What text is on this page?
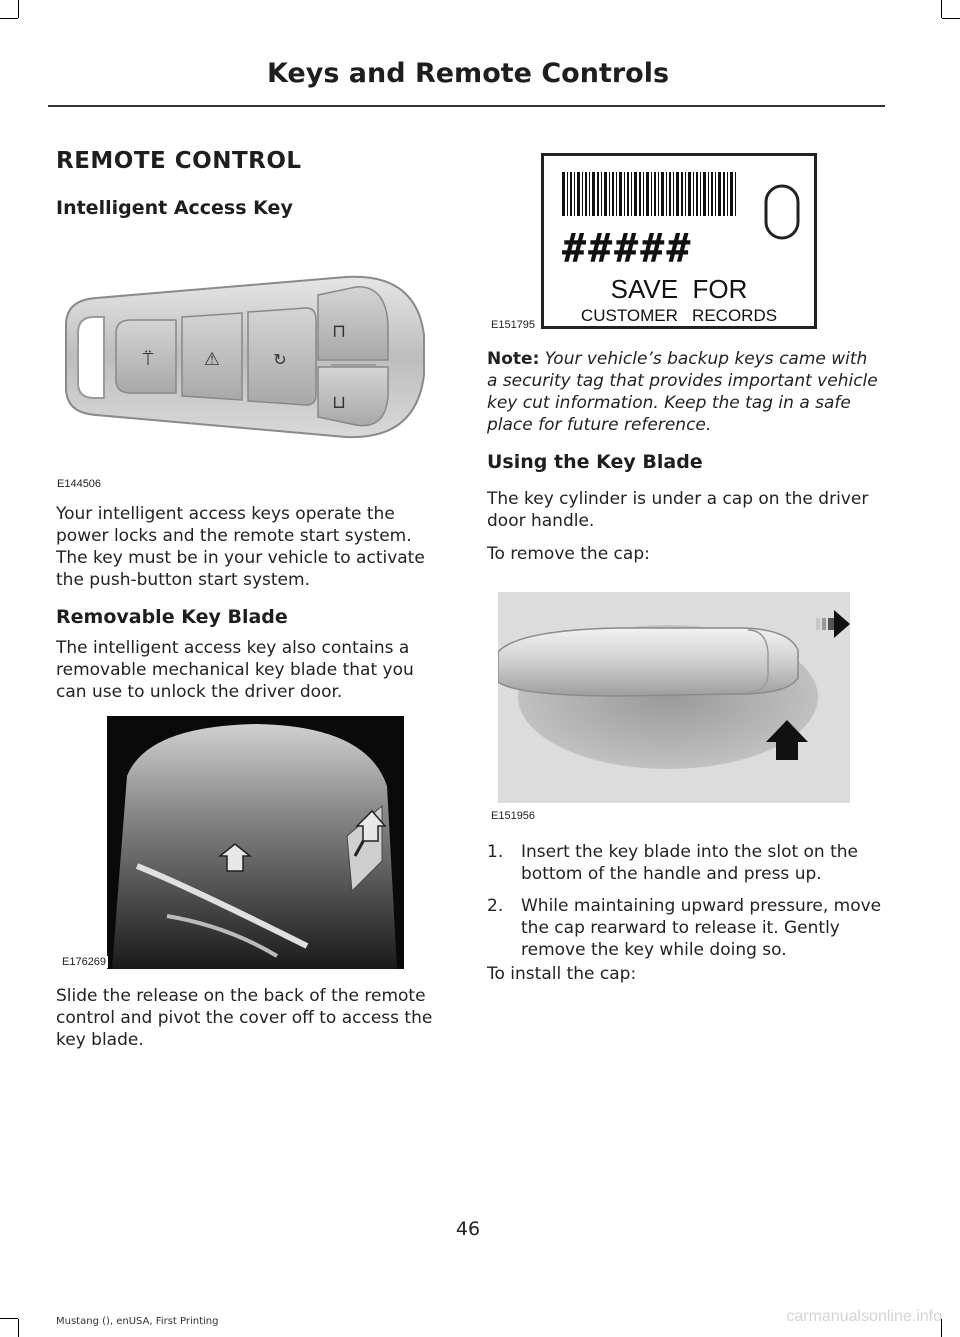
Keys and Remote Controls
REMOTE CONTROL
Intelligent Access Key
⍡	⚠	↻
⊓
⊔
E144506

Your intelligent access keys operate the power locks and the remote start system. The key must be in your vehicle to activate the push-button start system.

Removable Key Blade

The intelligent access key also contains a removable mechanical key blade that you can use to unlock the driver door.

E176269

Slide the release on the back of the remote control and pivot the cover off to access the key blade.

#####
SAVE  FOR
CUSTOMER   RECORDS
E151795

Note: Your vehicle’s backup keys came with a security tag that provides important vehicle key cut information. Keep the tag in a safe place for future reference.

Using the Key Blade

The key cylinder is under a cap on the driver door handle.

To remove the cap:

E151956
1. Insert the key blade into the slot on the bottom of the handle and press up.
2. While maintaining upward pressure, move the cap rearward to release it. Gently remove the key while doing so.

To install the cap:

46
Mustang (), enUSA, First Printing	carmanualsonline.info
